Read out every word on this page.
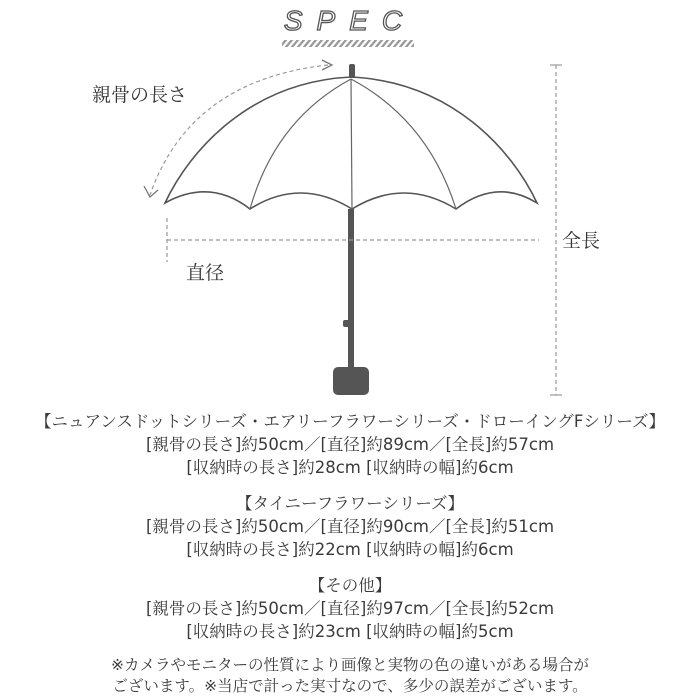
SPEC
親骨の長さ
直径
全長
【ニュアンスドットシリーズ・エアリーフラワーシリーズ・ドローイングFシリーズ】
[親骨の長さ]約50cm／[直径]約89cm／[全長]約57cm
[収納時の長さ]約28cm [収納時の幅]約6cm
【タイニーフラワーシリーズ】
[親骨の長さ]約50cm／[直径]約90cm／[全長]約51cm
[収納時の長さ]約22cm [収納時の幅]約6cm
【その他】
[親骨の長さ]約50cm／[直径]約97cm／[全長]約52cm
[収納時の長さ]約23cm [収納時の幅]約5cm
※カメラやモニターの性質により画像と実物の色の違いがある場合が
ございます。※当店で計った実寸なので、多少の誤差がございます。
